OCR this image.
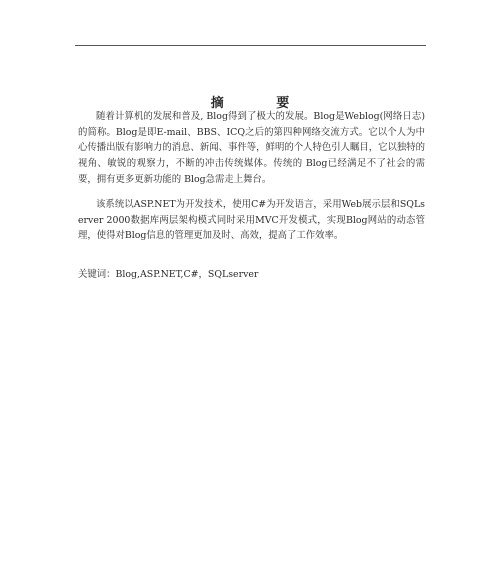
摘 要

随着计算机的发展和普及, Blog得到了极大的发展。Blog是Weblog(网络日志)的简称。Blog是即E-mail、BBS、ICQ之后的第四种网络交流方式。它以个人为中心传播出版有影响力的消息、新闻、事件等，鲜明的个人特色引人瞩目，它以独特的视角、敏锐的观察力，不断的冲击传统媒体。传统的 Blog已经满足不了社会的需要，拥有更多更新功能的 Blog急需走上舞台。

该系统以ASP.NET为开发技术，使用C#为开发语言，采用Web展示层和SQLserver 2000数据库两层架构模式同时采用MVC开发模式，实现Blog网站的动态管理，使得对Blog信息的管理更加及时、高效，提高了工作效率。

关键词：Blog,ASP.NET,C#，SQLserver
